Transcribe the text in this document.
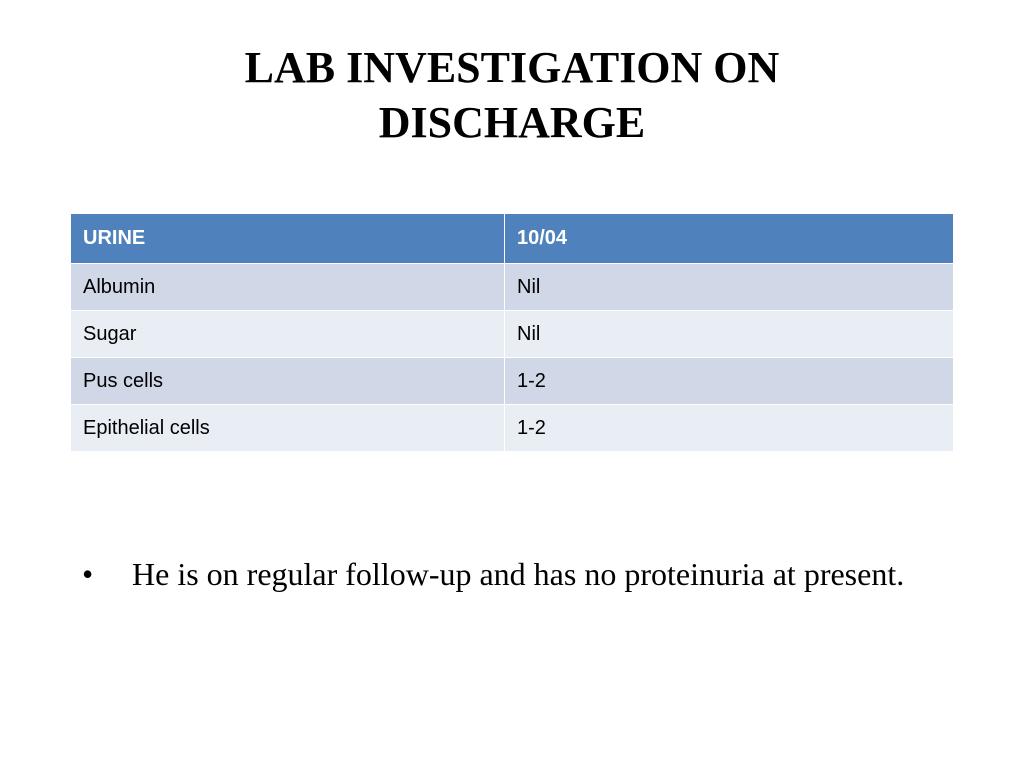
LAB INVESTIGATION ON
DISCHARGE
URINE	10/04
Albumin	Nil
Sugar	Nil
Pus cells	1-2
Epithelial cells	1-2
•	He is on regular follow-up and has no proteinuria at present.
